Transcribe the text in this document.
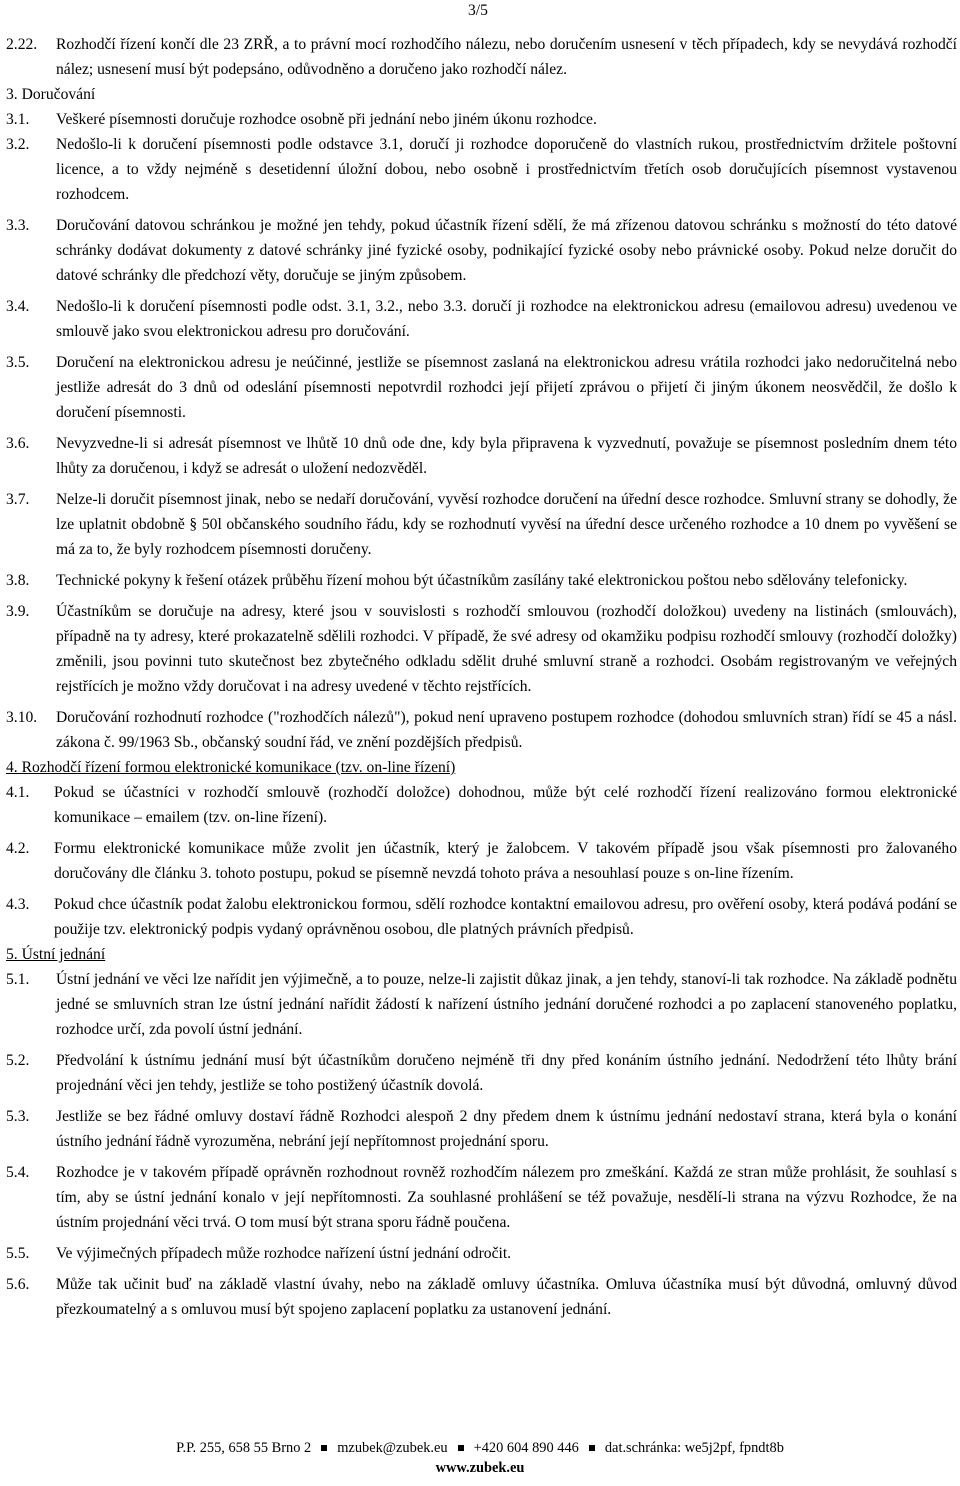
3/5
2.22.	Rozhodčí řízení končí dle 23 ZRŘ, a to právní mocí rozhodčího nálezu, nebo doručením usnesení v těch případech, kdy se nevydává rozhodčí nález; usnesení musí být podepsáno, odůvodněno a doručeno jako rozhodčí nález.
3. Doručování
3.1.	Veškeré písemnosti doručuje rozhodce osobně při jednání nebo jiném úkonu rozhodce.
3.2.	Nedošlo-li k doručení písemnosti podle odstavce 3.1, doručí ji rozhodce doporučeně do vlastních rukou, prostřednictvím držitele poštovní licence, a to vždy nejméně s desetidenní úložní dobou, nebo osobně i prostřednictvím třetích osob doručujících písemnost vystavenou rozhodcem.
3.3.	Doručování datovou schránkou je možné jen tehdy, pokud účastník řízení sdělí, že má zřízenou datovou schránku s možností do této datové schránky dodávat dokumenty z datové schránky jiné fyzické osoby, podnikající fyzické osoby nebo právnické osoby. Pokud nelze doručit do datové schránky dle předchozí věty, doručuje se jiným způsobem.
3.4.	Nedošlo-li k doručení písemnosti podle odst. 3.1, 3.2., nebo 3.3. doručí ji rozhodce na elektronickou adresu (emailovou adresu) uvedenou ve smlouvě jako svou elektronickou adresu pro doručování.
3.5.	Doručení na elektronickou adresu je neúčinné, jestliže se písemnost zaslaná na elektronickou adresu vrátila rozhodci jako nedoručitelná nebo jestliže adresát do 3 dnů od odeslání písemnosti nepotvrdil rozhodci její přijetí zprávou o přijetí či jiným úkonem neosvědčil, že došlo k doručení písemnosti.
3.6.	Nevyzvedne-li si adresát písemnost ve lhůtě 10 dnů ode dne, kdy byla připravena k vyzvednutí, považuje se písemnost posledním dnem této lhůty za doručenou, i když se adresát o uložení nedozvěděl.
3.7.	Nelze-li doručit písemnost jinak, nebo se nedaří doručování, vyvěsí rozhodce doručení na úřední desce rozhodce. Smluvní strany se dohodly, že lze uplatnit obdobně § 50l občanského soudního řádu, kdy se rozhodnutí vyvěsí na úřední desce určeného rozhodce a 10 dnem po vyvěšení se má za to, že byly rozhodcem písemnosti doručeny.
3.8.	Technické pokyny k řešení otázek průběhu řízení mohou být účastníkům zasílány také elektronickou poštou nebo sdělovány telefonicky.
3.9.	Účastníkům se doručuje na adresy, které jsou v souvislosti s rozhodčí smlouvou (rozhodčí doložkou) uvedeny na listinách (smlouvách), případně na ty adresy, které prokazatelně sdělili rozhodci. V případě, že své adresy od okamžiku podpisu rozhodčí smlouvy (rozhodčí doložky) změnili, jsou povinni tuto skutečnost bez zbytečného odkladu sdělit druhé smluvní straně a rozhodci. Osobám registrovaným ve veřejných rejstřících je možno vždy doručovat i na adresy uvedené v těchto rejstřících.
3.10.	Doručování rozhodnutí rozhodce ("rozhodčích nálezů"), pokud není upraveno postupem rozhodce (dohodou smluvních stran) řídí se 45 a násl. zákona č. 99/1963 Sb., občanský soudní řád, ve znění pozdějších předpisů.
4. Rozhodčí řízení formou elektronické komunikace (tzv. on-line řízení)
4.1.	Pokud se účastníci v rozhodčí smlouvě (rozhodčí doložce) dohodnou, může být celé rozhodčí řízení realizováno formou elektronické komunikace – emailem (tzv. on-line řízení).
4.2.	Formu elektronické komunikace může zvolit jen účastník, který je žalobcem. V takovém případě jsou však písemnosti pro žalovaného doručovány dle článku 3. tohoto postupu, pokud se písemně nevzdá tohoto práva a nesouhlasí pouze s on-line řízením.
4.3.	Pokud chce účastník podat žalobu elektronickou formou, sdělí rozhodce kontaktní emailovou adresu, pro ověření osoby, která podává podání se použije tzv. elektronický podpis vydaný oprávněnou osobou, dle platných právních předpisů.
5. Ústní jednání
5.1.	Ústní jednání ve věci lze nařídit jen výjimečně, a to pouze, nelze-li zajistit důkaz jinak, a jen tehdy, stanoví-li tak rozhodce. Na základě podnětu jedné se smluvních stran lze ústní jednání nařídit žádostí k nařízení ústního jednání doručené rozhodci a po zaplacení stanoveného poplatku, rozhodce určí, zda povolí ústní jednání.
5.2.	Předvolání k ústnímu jednání musí být účastníkům doručeno nejméně tři dny před konáním ústního jednání. Nedodržení této lhůty brání projednání věci jen tehdy, jestliže se toho postižený účastník dovolá.
5.3.	Jestliže se bez řádné omluvy dostaví řádně Rozhodci alespoň 2 dny předem dnem k ústnímu jednání nedostaví strana, která byla o konání ústního jednání řádně vyrozuměna, nebrání její nepřítomnost projednání sporu.
5.4.	Rozhodce je v takovém případě oprávněn rozhodnout rovněž rozhodčím nálezem pro zmeškání. Každá ze stran může prohlásit, že souhlasí s tím, aby se ústní jednání konalo v její nepřítomnosti. Za souhlasné prohlášení se též považuje, nesdělí-li strana na výzvu Rozhodce, že na ústním projednání věci trvá. O tom musí být strana sporu řádně poučena.
5.5.	Ve výjimečných případech může rozhodce nařízení ústní jednání odročit.
5.6.	Může tak učinit buď na základě vlastní úvahy, nebo na základě omluvy účastníka. Omluva účastníka musí být důvodná, omluvný důvod přezkoumatelný a s omluvou musí být spojeno zaplacení poplatku za ustanovení jednání.
P.P. 255, 658 55 Brno 2 mzubek@zubek.eu +420 604 890 446 dat.schránka: we5j2pf, fpndt8b
www.zubek.eu
